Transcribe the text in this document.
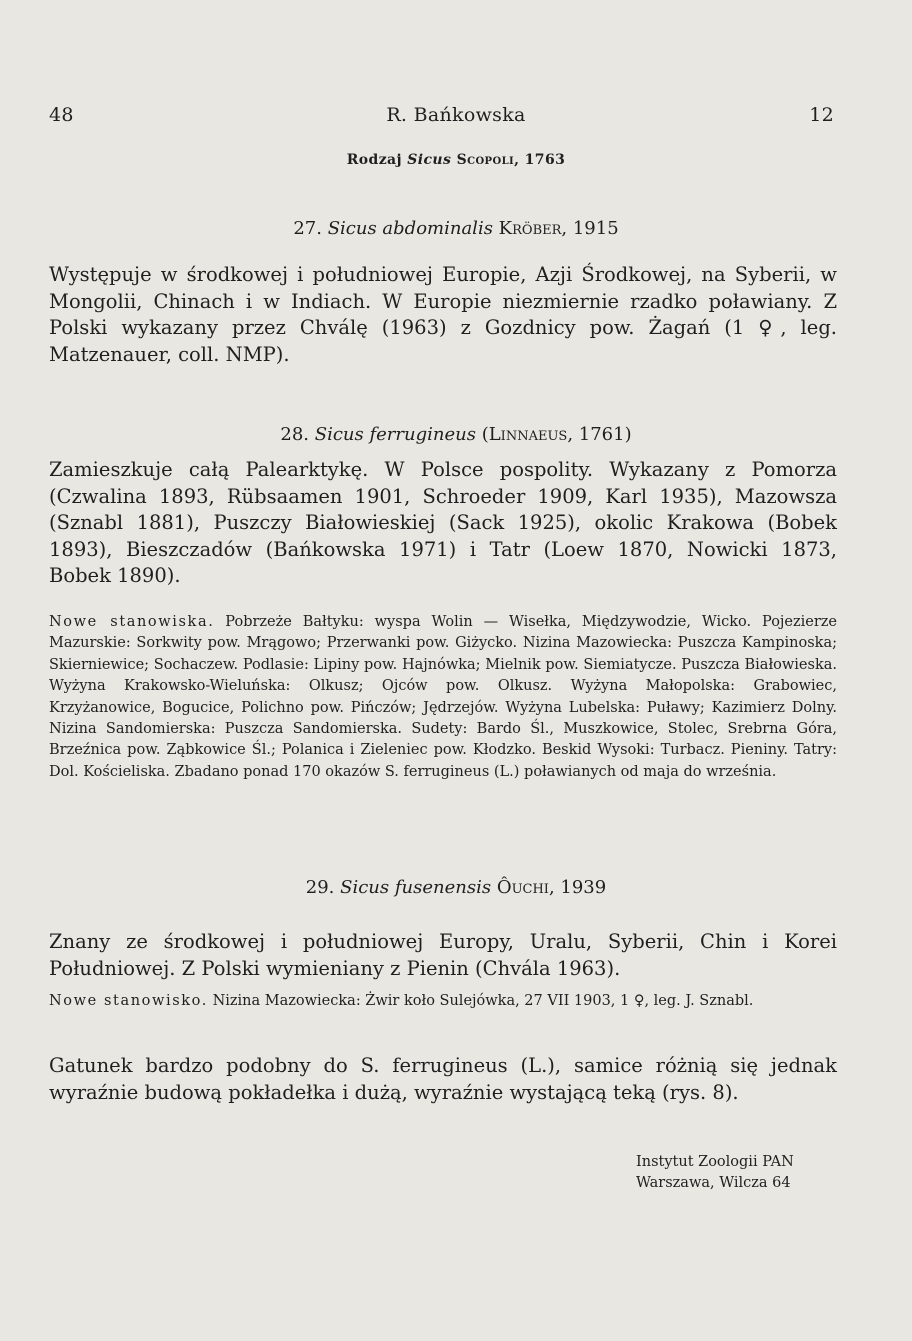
48	R. Bańkowska	12
Rodzaj Sicus Scopoli, 1763
27. Sicus abdominalis Kröber, 1915

Występuje w środkowej i południowej Europie, Azji Środkowej, na Syberii, w Mongolii, Chinach i w Indiach. W Europie niezmiernie rzadko poławiany. Z Polski wykazany przez Chválę (1963) z Gozdnicy pow. Żagań (1 ♀, leg. Matzenauer, coll. NMP).

28. Sicus ferrugineus (Linnaeus, 1761)

Zamieszkuje całą Palearktykę. W Polsce pospolity. Wykazany z Pomorza (Czwalina 1893, Rübsaamen 1901, Schroeder 1909, Karl 1935), Mazowsza (Sznabl 1881), Puszczy Białowieskiej (Sack 1925), okolic Krakowa (Bobek 1893), Bieszczadów (Bańkowska 1971) i Tatr (Loew 1870, Nowicki 1873, Bobek 1890).

Nowe stanowiska. Pobrzeże Bałtyku: wyspa Wolin — Wisełka, Międzywodzie, Wicko. Pojezierze Mazurskie: Sorkwity pow. Mrągowo; Przerwanki pow. Giżycko. Nizina Mazowiecka: Puszcza Kampinoska; Skierniewice; Sochaczew. Podlasie: Lipiny pow. Hajnówka; Mielnik pow. Siemiatycze. Puszcza Białowieska. Wyżyna Krakowsko-Wieluńska: Olkusz; Ojców pow. Olkusz. Wyżyna Małopolska: Grabowiec, Krzyżanowice, Bogucice, Polichno pow. Pińczów; Jędrzejów. Wyżyna Lubelska: Puławy; Kazimierz Dolny. Nizina Sandomierska: Puszcza Sandomierska. Sudety: Bardo Śl., Muszkowice, Stolec, Srebrna Góra, Brzeźnica pow. Ząbkowice Śl.; Polanica i Zieleniec pow. Kłodzko. Beskid Wysoki: Turbacz. Pieniny. Tatry: Dol. Kościeliska. Zbadano ponad 170 okazów S. ferrugineus (L.) poławianych od maja do września.

29. Sicus fusenensis Ôuchi, 1939

Znany ze środkowej i południowej Europy, Uralu, Syberii, Chin i Korei Południowej. Z Polski wymieniany z Pienin (Chvála 1963).

Nowe stanowisko. Nizina Mazowiecka: Żwir koło Sulejówka, 27 VII 1903, 1 ♀, leg. J. Sznabl.

Gatunek bardzo podobny do S. ferrugineus (L.), samice różnią się jednak wyraźnie budową pokładełka i dużą, wyraźnie wystającą teką (rys. 8).

Instytut Zoologii PAN
Warszawa, Wilcza 64
